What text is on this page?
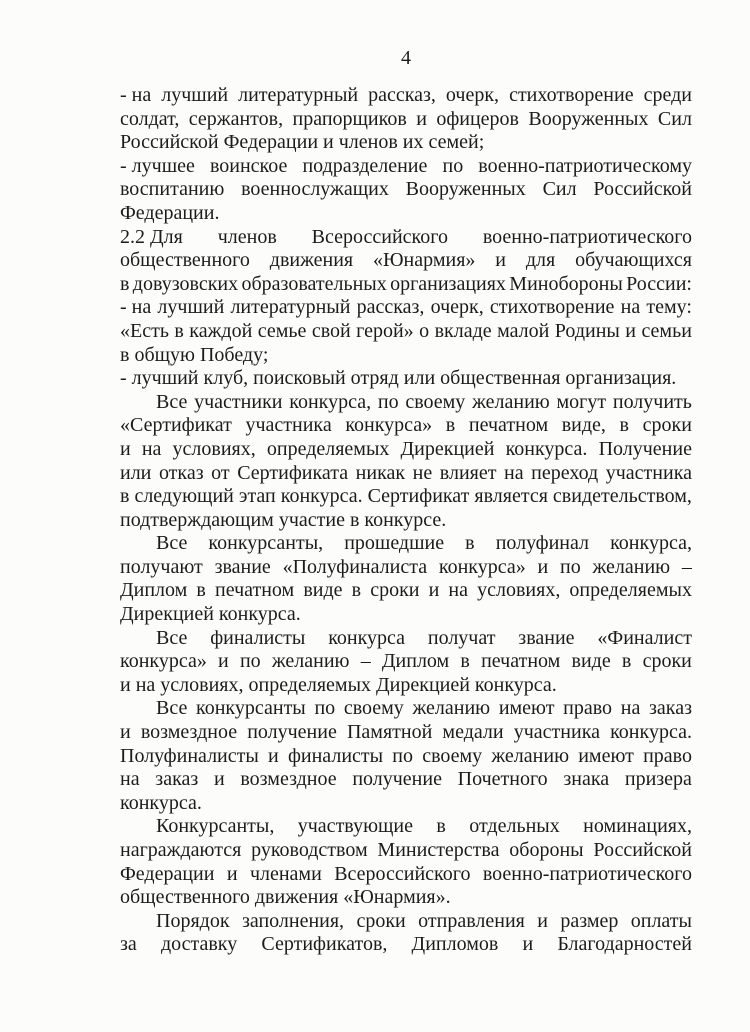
4
- на лучший литературный рассказ, очерк, стихотворение среди
солдат, сержантов, прапорщиков и офицеров Вооруженных Сил
Российской Федерации и членов их семей;
- лучшее воинское подразделение по военно-патриотическому
воспитанию военнослужащих Вооруженных Сил Российской
Федерации.
2.2 Для членов Всероссийского военно-патриотического
общественного движения «Юнармия» и для обучающихся
в довузовских образовательных организациях Минобороны России:
- на лучший литературный рассказ, очерк, стихотворение на тему:
«Есть в каждой семье свой герой» о вкладе малой Родины и семьи
в общую Победу;
- лучший клуб, поисковый отряд или общественная организация.
Все участники конкурса, по своему желанию могут получить
«Сертификат участника конкурса» в печатном виде, в сроки
и на условиях, определяемых Дирекцией конкурса. Получение
или отказ от Сертификата никак не влияет на переход участника
в следующий этап конкурса. Сертификат является свидетельством,
подтверждающим участие в конкурсе.
Все конкурсанты, прошедшие в полуфинал конкурса,
получают звание «Полуфиналиста конкурса» и по желанию –
Диплом в печатном виде в сроки и на условиях, определяемых
Дирекцией конкурса.
Все финалисты конкурса получат звание «Финалист
конкурса» и по желанию – Диплом в печатном виде в сроки
и на условиях, определяемых Дирекцией конкурса.
Все конкурсанты по своему желанию имеют право на заказ
и возмездное получение Памятной медали участника конкурса.
Полуфиналисты и финалисты по своему желанию имеют право
на заказ и возмездное получение Почетного знака призера
конкурса.
Конкурсанты, участвующие в отдельных номинациях,
награждаются руководством Министерства обороны Российской
Федерации и членами Всероссийского военно-патриотического
общественного движения «Юнармия».
Порядок заполнения, сроки отправления и размер оплаты
за доставку Сертификатов, Дипломов и Благодарностей
